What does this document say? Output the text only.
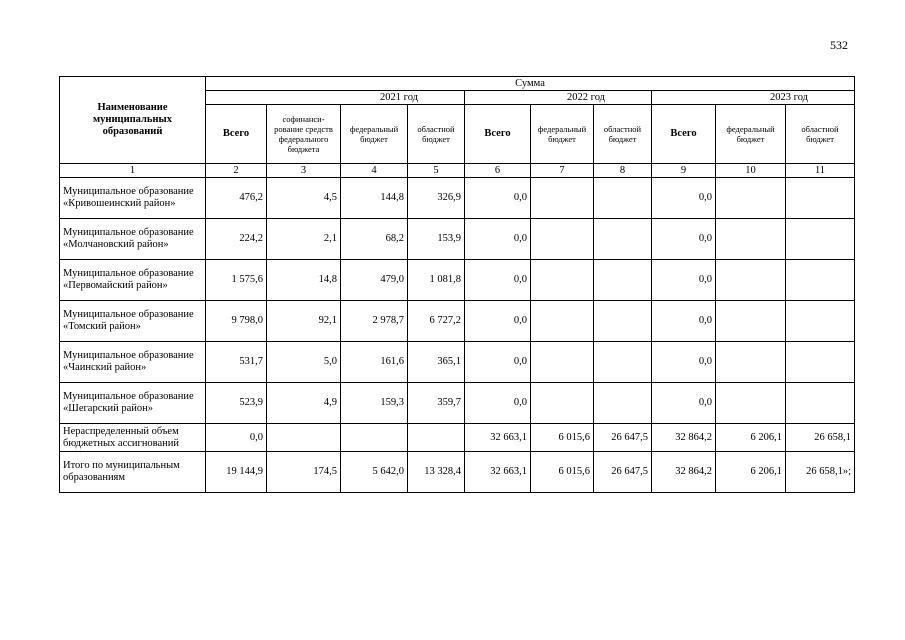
532
Наименование муниципальных образований	Сумма									
	2021 год				2022 год			2023 год		
	Всего	софинанси-рование средств федерального бюджета	федеральный бюджет	областной бюджет	Всего	федеральный бюджет	областной бюджет	Всего	федеральный бюджет	областной бюджет
1	2	3	4	5	6	7	8	9	10	11
Муниципальное образование «Кривошеинский район»	476,2	4,5	144,8	326,9	0,0			0,0		
Муниципальное образование «Молчановский район»	224,2	2,1	68,2	153,9	0,0			0,0		
Муниципальное образование «Первомайский район»	1 575,6	14,8	479,0	1 081,8	0,0			0,0		
Муниципальное образование «Томский район»	9 798,0	92,1	2 978,7	6 727,2	0,0			0,0		
Муниципальное образование «Чаинский район»	531,7	5,0	161,6	365,1	0,0			0,0		
Муниципальное образование «Шегарский район»	523,9	4,9	159,3	359,7	0,0			0,0		
Нераспределенный объем бюджетных ассигнований	0,0				32 663,1	6 015,6	26 647,5	32 864,2	6 206,1	26 658,1
Итого по муниципальным образованиям	19 144,9	174,5	5 642,0	13 328,4	32 663,1	6 015,6	26 647,5	32 864,2	6 206,1	26 658,1»;
